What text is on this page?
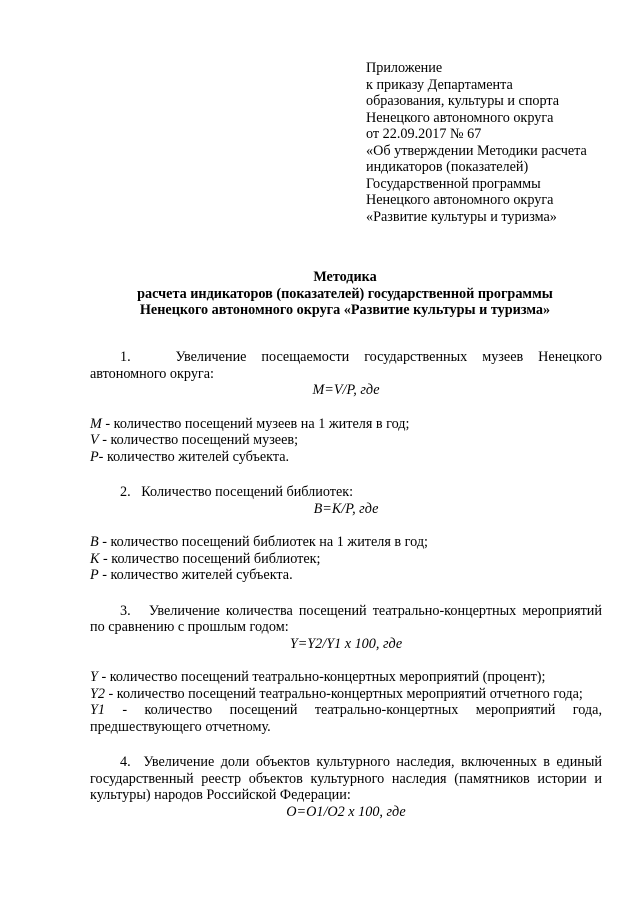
Приложение
к приказу Департамента
образования, культуры и спорта
Ненецкого автономного округа
от 22.09.2017 № 67
«Об утверждении Методики расчета
индикаторов (показателей)
Государственной программы
Ненецкого автономного округа
«Развитие культуры и туризма»
Методика
расчета индикаторов (показателей) государственной программы
Ненецкого автономного округа «Развитие культуры и туризма»

1.   Увеличение посещаемости государственных музеев Ненецкого автономного округа:

M=V/P, где

M - количество посещений музеев на 1 жителя в год;

V - количество посещений музеев;

P- количество жителей субъекта.

2.   Количество посещений библиотек:

B=K/P, где

B - количество посещений библиотек на 1 жителя в год;

K - количество посещений библиотек;

P - количество жителей субъекта.

3.   Увеличение количества посещений театрально-концертных мероприятий по сравнению с прошлым годом:

Y=Y2/Y1 x 100, где

Y - количество посещений театрально-концертных мероприятий (процент);

Y2 - количество посещений театрально-концертных мероприятий отчетного года;

Y1 - количество посещений театрально-концертных мероприятий года, предшествующего отчетному.

4.  Увеличение доли объектов культурного наследия, включенных в единый государственный реестр объектов культурного наследия (памятников истории и культуры) народов Российской Федерации:

O=O1/O2 x 100, где
